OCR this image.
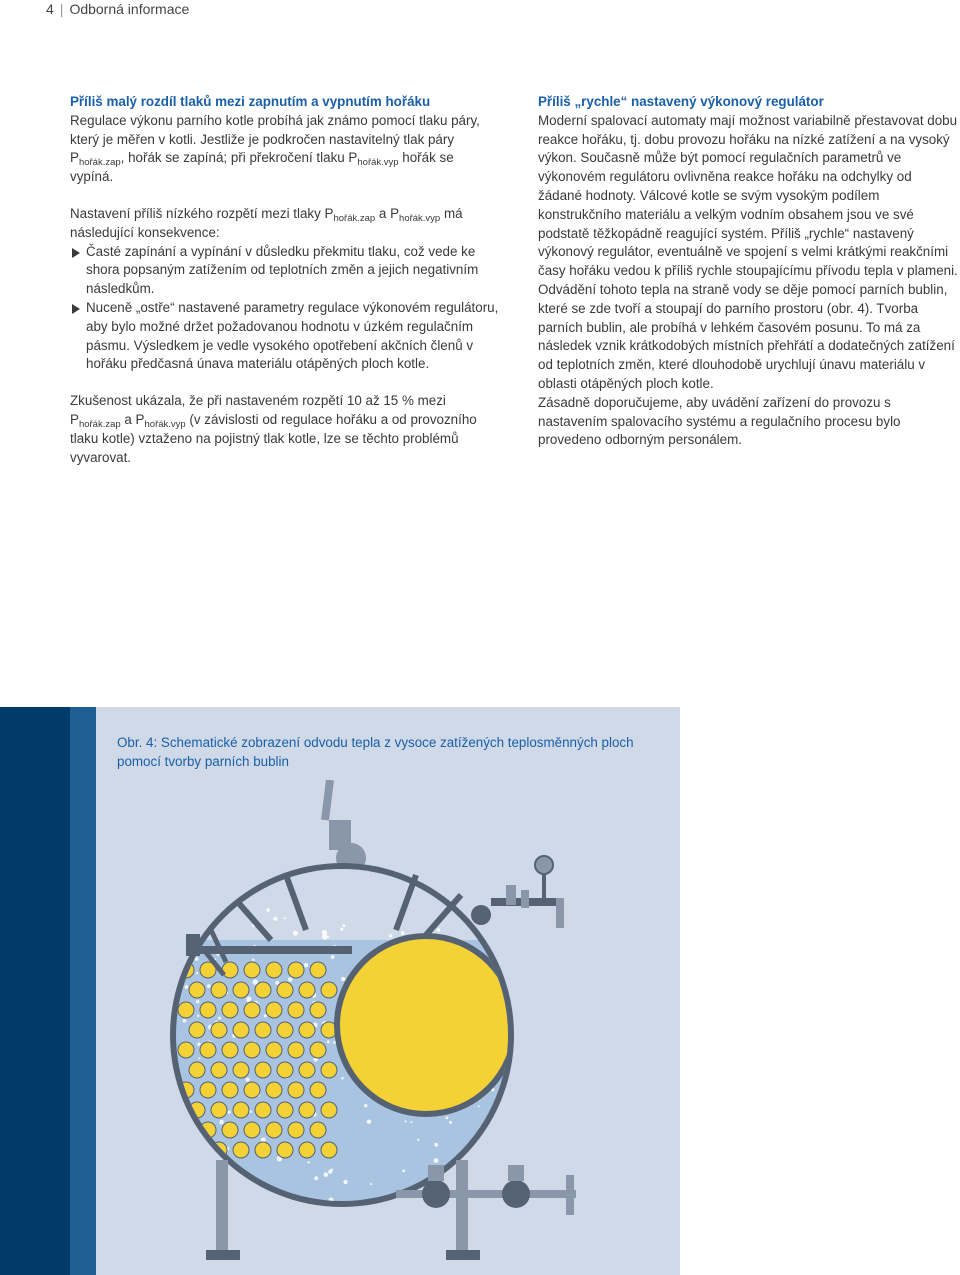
4 | Odborná informace

Příliš malý rozdíl tlaků mezi zapnutím a vypnutím hořáku

Regulace výkonu parního kotle probíhá jak známo pomocí tlaku páry, který je měřen v kotli. Jestliže je podkročen nastavitelný tlak páry $P_{hořák.zap}$, hořák se zapíná; při překročení tlaku $P_{hořák.vyp}$ hořák se vypíná.

Nastavení příliš nízkého rozpětí mezi tlaky $P_{hořák.zap}$ a $P_{hořák.vyp}$ má následující konsekvence:

Časté zapínání a vypínání v důsledku překmitu tlaku, což vede ke shora popsaným zatížením od teplotních změn a jejich negativním následkům.
Nuceně „ostře“ nastavené parametry regulace výkonovém regulátoru, aby bylo možné držet požadovanou hodnotu v úzkém regulačním pásmu. Výsledkem je vedle vysokého opotřebení akčních členů v hořáku předčasná únava materiálu otápěných ploch kotle.

Zkušenost ukázala, že při nastaveném rozpětí 10 až 15 % mezi $P_{hořák.zap}$ a $P_{hořák.vyp}$ (v závislosti od regulace hořáku a od provozního tlaku kotle) vztaženo na pojistný tlak kotle, lze se těchto problémů vyvarovat.

Příliš „rychle“ nastavený výkonový regulátor

Moderní spalovací automaty mají možnost variabilně přestavovat dobu reakce hořáku, tj. dobu provozu hořáku na nízké zatížení a na vysoký výkon. Současně může být pomocí regulačních parametrů ve výkonovém regulátoru ovlivněna reakce hořáku na odchylky od žádané hodnoty. Válcové kotle se svým vysokým podílem konstrukčního materiálu a velkým vodním obsahem jsou ve své podstatě těžkopádně reagující systém. Příliš „rychle“ nastavený výkonový regulátor, eventuálně ve spojení s velmi krátkými reakčními časy hořáku vedou k příliš rychle stoupajícímu přívodu tepla v plameni. Odvádění tohoto tepla na straně vody se děje pomocí parních bublin, které se zde tvoří a stoupají do parního prostoru (obr. 4). Tvorba parních bublin, ale probíhá v lehkém časovém posunu. To má za následek vznik krátkodobých místních přehřátí a dodatečných zatížení od teplotních změn, které dlouhodobě urychlují únavu materiálu v oblasti otápěných ploch kotle.

Zásadně doporučujeme, aby uvádění zařízení do provozu s nastavením spalovacího systému a regulačního procesu bylo provedeno odborným personálem.

Obr. 4: Schematické zobrazení odvodu tepla z vysoce zatížených teplosměnných ploch pomocí tvorby parních bublin
